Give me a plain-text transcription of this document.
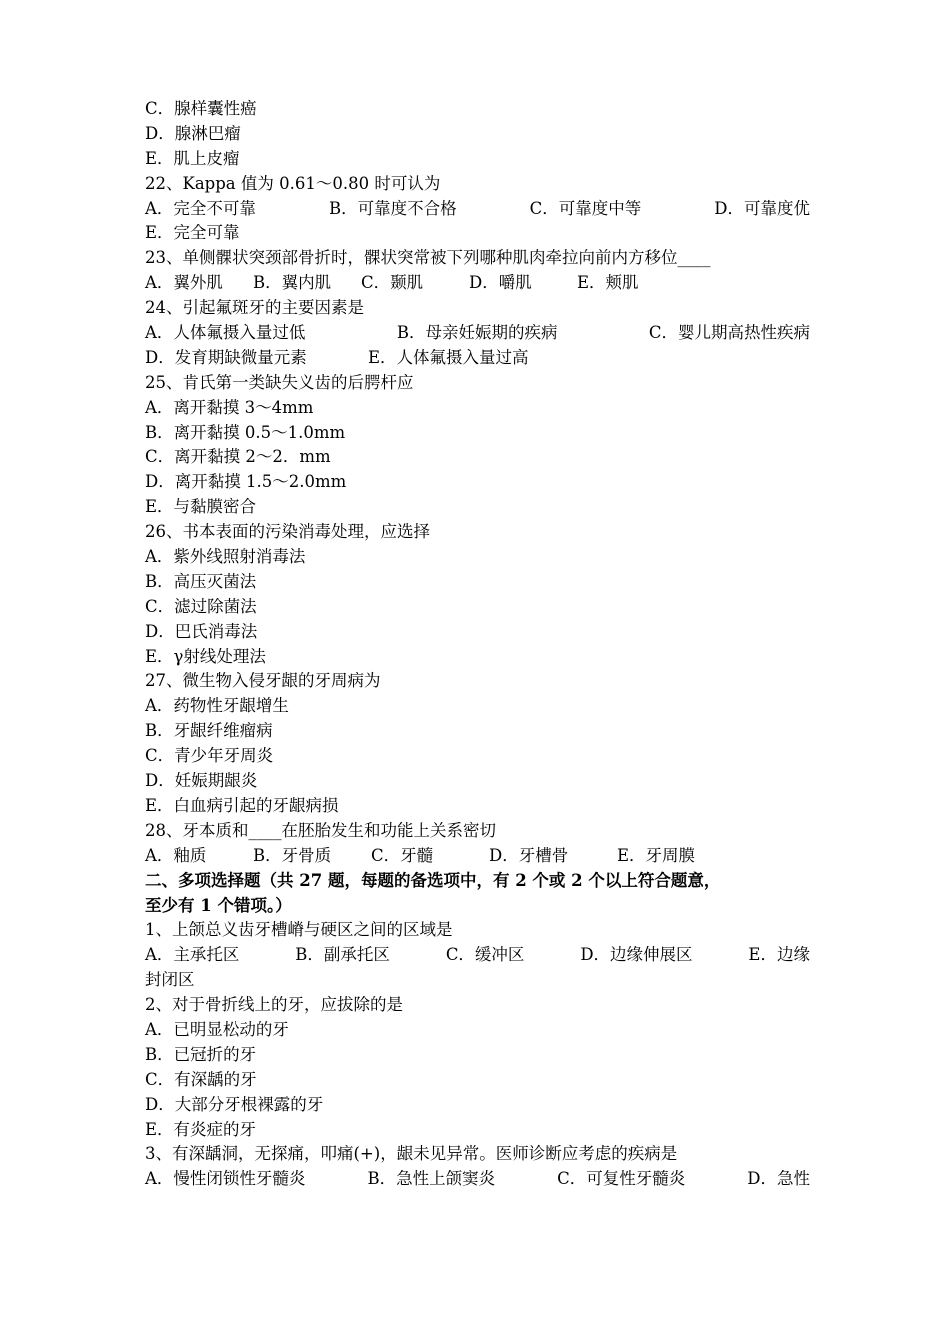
C．腺样囊性癌
D．腺淋巴瘤
E．肌上皮瘤
22、Kappa 值为 0.61～0.80 时可认为
A．完全不可靠	B．可靠度不合格	C．可靠度中等	D．可靠度优
E．完全可靠
23、单侧髁状突颈部骨折时，髁状突常被下列哪种肌肉牵拉向前内方移位____
A．翼外肌	B．翼内肌	C．颞肌	D．嚼肌	E．颊肌
24、引起氟斑牙的主要因素是
A．人体氟摄入量过低	B．母亲妊娠期的疾病	C．婴儿期高热性疾病
D．发育期缺微量元素	E．人体氟摄入量过高
25、肯氏第一类缺失义齿的后腭杆应
A．离开黏摸 3～4mm
B．离开黏摸 0.5～1.0mm
C．离开黏摸 2～2．mm
D．离开黏摸 1.5～2.0mm
E．与黏膜密合
26、书本表面的污染消毒处理，应选择
A．紫外线照射消毒法
B．高压灭菌法
C．滤过除菌法
D．巴氏消毒法
E．γ射线处理法
27、微生物入侵牙龈的牙周病为
A．药物性牙龈增生
B．牙龈纤维瘤病
C．青少年牙周炎
D．妊娠期龈炎
E．白血病引起的牙龈病损
28、牙本质和____在胚胎发生和功能上关系密切
A．釉质	B．牙骨质	C．牙髓	D．牙槽骨	E．牙周膜
二、多项选择题（共 27 题，每题的备选项中，有 2 个或 2 个以上符合题意，
至少有 1 个错项。）
1、上颌总义齿牙槽嵴与硬区之间的区域是
A．主承托区	B．副承托区	C．缓冲区	D．边缘伸展区	E．边缘
封闭区
2、对于骨折线上的牙，应拔除的是
A．已明显松动的牙
B．已冠折的牙
C．有深龋的牙
D．大部分牙根裸露的牙
E．有炎症的牙
3、有深龋洞，无探痛，叩痛(+)，龈未见异常。医师诊断应考虑的疾病是
A．慢性闭锁性牙髓炎	B．急性上颌窦炎	C．可复性牙髓炎	D．急性
